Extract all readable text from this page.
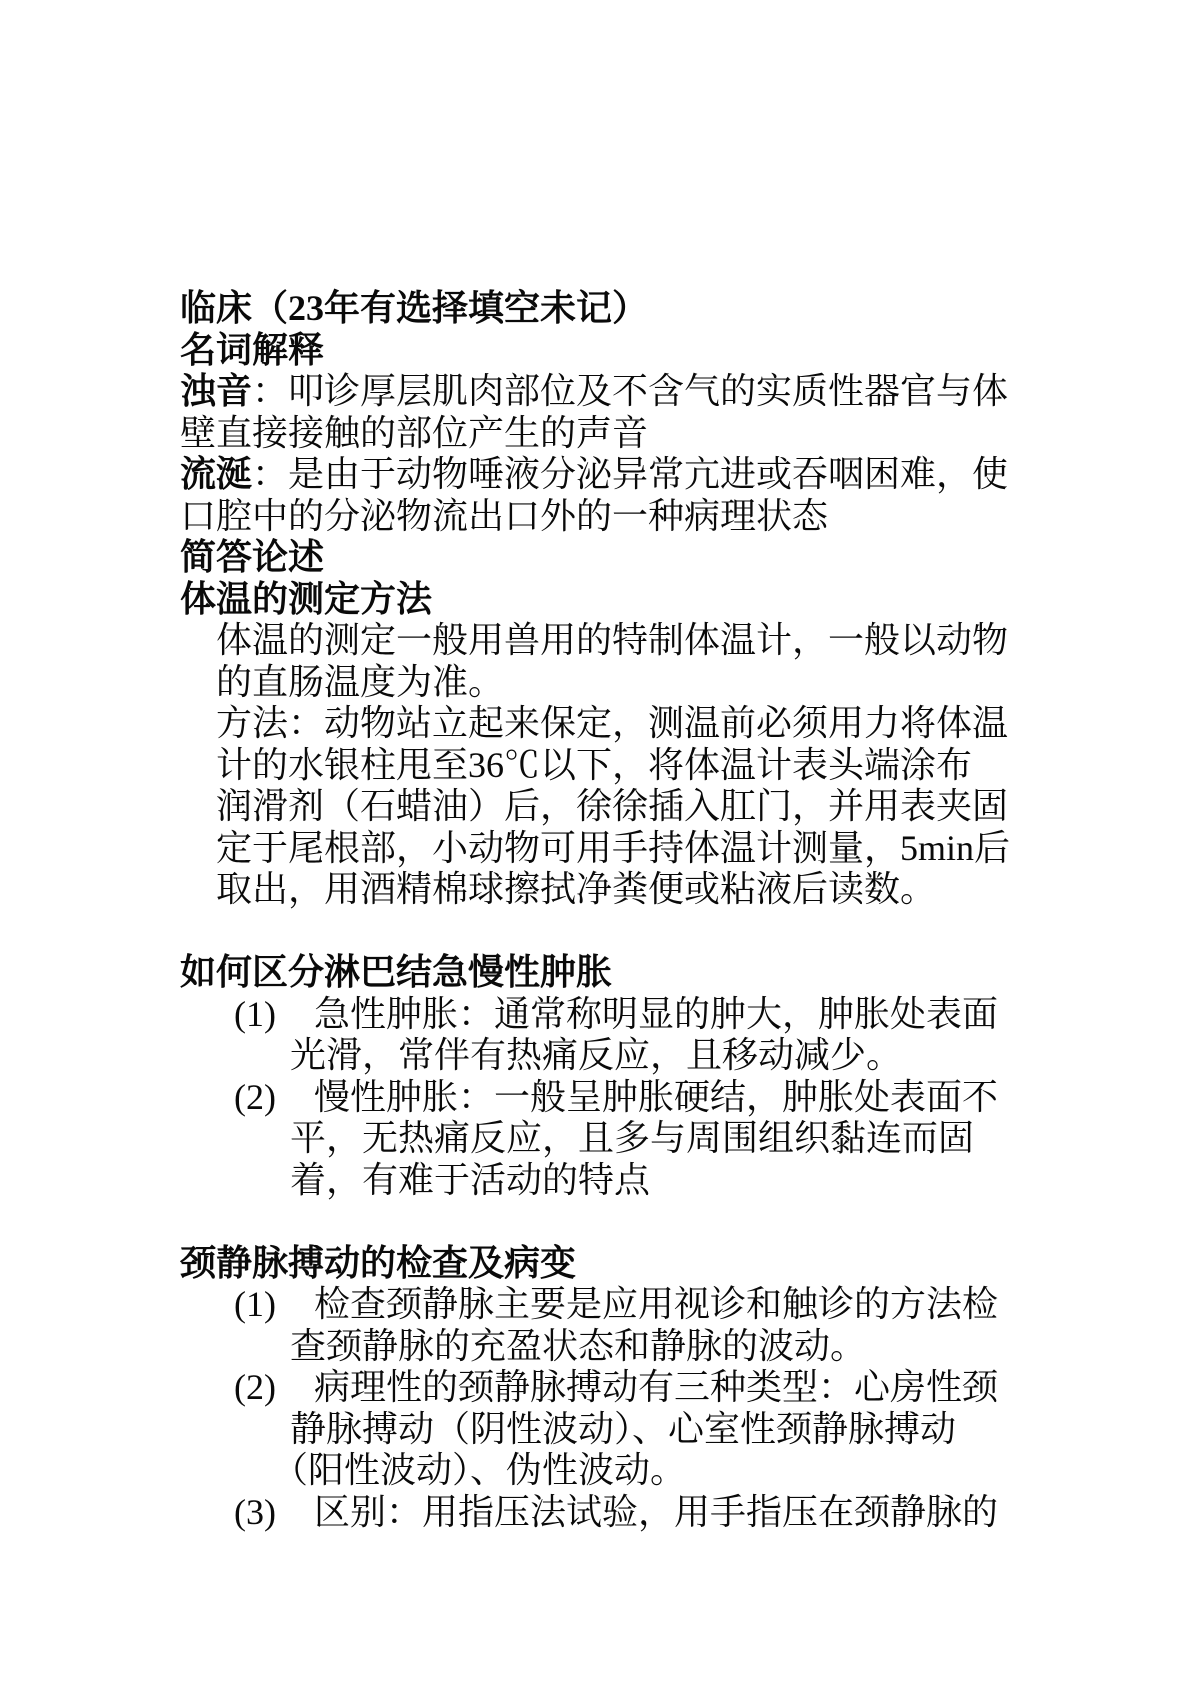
临床（23年有选择填空未记）
名词解释
浊音：叩诊厚层肌肉部位及不含气的实质性器官与体
壁直接接触的部位产生的声音
流涎：是由于动物唾液分泌异常亢进或吞咽困难，使
口腔中的分泌物流出口外的一种病理状态
简答论述
体温的测定方法
体温的测定一般用兽用的特制体温计，一般以动物
的直肠温度为准。
方法：动物站立起来保定，测温前必须用力将体温
计的水银柱甩至36℃以下，将体温计表头端涂布
润滑剂（石蜡油）后，徐徐插入肛门，并用表夹固
定于尾根部，小动物可用手持体温计测量，5min后
取出，用酒精棉球擦拭净粪便或粘液后读数。
如何区分淋巴结急慢性肿胀
(1) 急性肿胀：通常称明显的肿大，肿胀处表面
光滑，常伴有热痛反应，且移动减少。
(2) 慢性肿胀：一般呈肿胀硬结，肿胀处表面不
平，无热痛反应，且多与周围组织黏连而固
着，有难于活动的特点
颈静脉搏动的检查及病变
(1) 检查颈静脉主要是应用视诊和触诊的方法检
查颈静脉的充盈状态和静脉的波动。
(2) 病理性的颈静脉搏动有三种类型：心房性颈
静脉搏动（阴性波动）、心室性颈静脉搏动
（阳性波动）、伪性波动。
(3) 区别：用指压法试验，用手指压在颈静脉的
